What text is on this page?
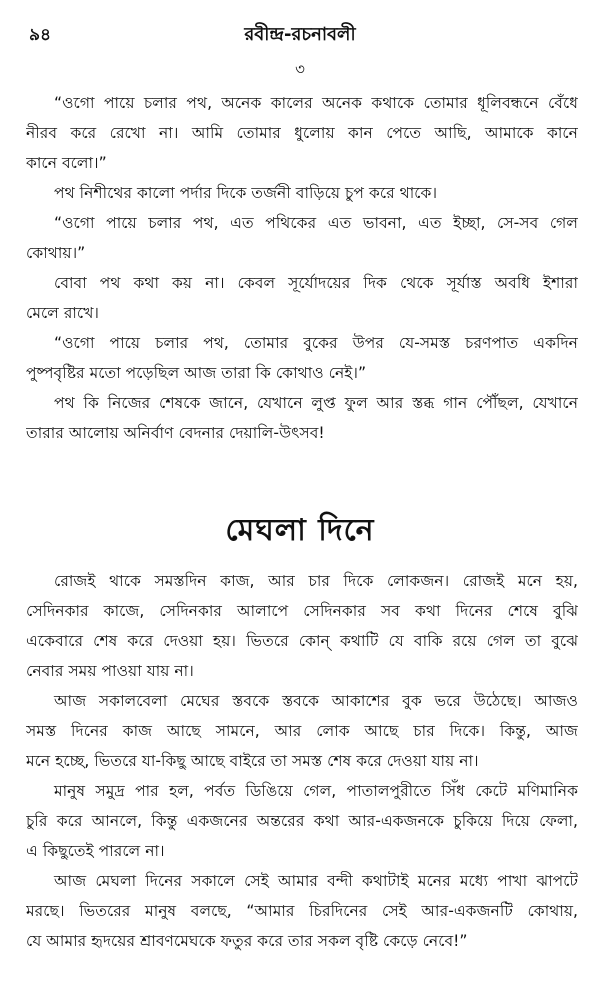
৯৪	রবীন্দ্র-রচনাবলী
৩
“ওগো পায়ে চলার পথ, অনেক কালের অনেক কথাকে তোমার ধূলিবন্ধনে বেঁধে
নীরব করে রেখো না। আমি তোমার ধুলোয় কান পেতে আছি, আমাকে কানে
কানে বলো।”
পথ নিশীথের কালো পর্দার দিকে তর্জনী বাড়িয়ে চুপ করে থাকে।
“ওগো পায়ে চলার পথ, এত পথিকের এত ভাবনা, এত ইচ্ছা, সে-সব গেল
কোথায়।”
বোবা পথ কথা কয় না। কেবল সূর্যোদয়ের দিক থেকে সূর্যাস্ত অবধি ইশারা
মেলে রাখে।
“ওগো পায়ে চলার পথ, তোমার বুকের উপর যে-সমস্ত চরণপাত একদিন
পুষ্পবৃষ্টির মতো পড়েছিল আজ তারা কি কোথাও নেই।”
পথ কি নিজের শেষকে জানে, যেখানে লুপ্ত ফুল আর স্তব্ধ গান পৌঁছল, যেখানে
তারার আলোয় অনির্বাণ বেদনার দেয়ালি-উৎসব!
মেঘলা দিনে
রোজই থাকে সমস্তদিন কাজ, আর চার দিকে লোকজন। রোজই মনে হয়,
সেদিনকার কাজে, সেদিনকার আলাপে সেদিনকার সব কথা দিনের শেষে বুঝি
একেবারে শেষ করে দেওয়া হয়। ভিতরে কোন্ কথাটি যে বাকি রয়ে গেল তা বুঝে
নেবার সময় পাওয়া যায় না।
আজ সকালবেলা মেঘের স্তবকে স্তবকে আকাশের বুক ভরে উঠেছে। আজও
সমস্ত দিনের কাজ আছে সামনে, আর লোক আছে চার দিকে। কিন্তু, আজ
মনে হচ্ছে, ভিতরে যা-কিছু আছে বাইরে তা সমস্ত শেষ করে দেওয়া যায় না।
মানুষ সমুদ্র পার হল, পর্বত ডিঙিয়ে গেল, পাতালপুরীতে সিঁধ কেটে মণিমানিক
চুরি করে আনলে, কিন্তু একজনের অন্তরের কথা আর-একজনকে চুকিয়ে দিয়ে ফেলা,
এ কিছুতেই পারলে না।
আজ মেঘলা দিনের সকালে সেই আমার বন্দী কথাটাই মনের মধ্যে পাখা ঝাপটে
মরছে। ভিতরের মানুষ বলছে, “আমার চিরদিনের সেই আর-একজনটি কোথায়,
যে আমার হৃদয়ের শ্রাবণমেঘকে ফতুর করে তার সকল বৃষ্টি কেড়ে নেবে!”
